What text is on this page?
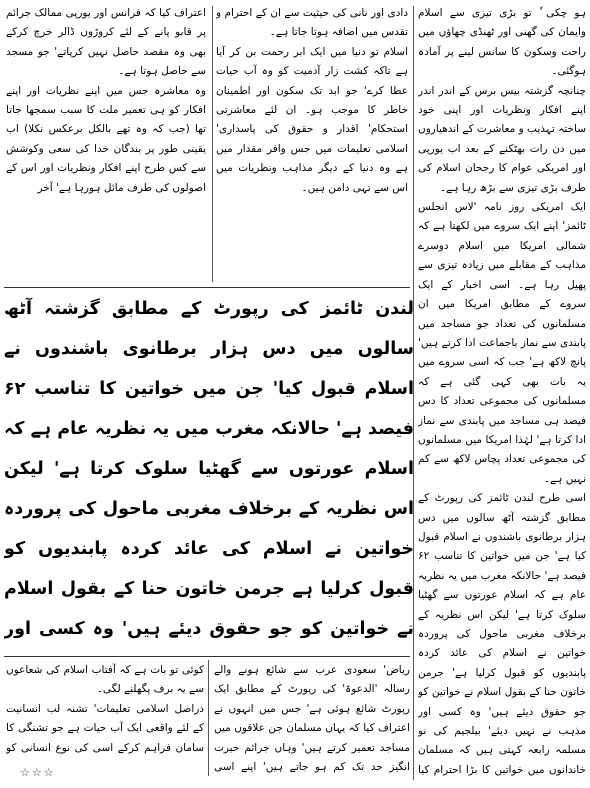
ہو چکی ٗ تو بڑی تیزی سے اسلام وایمان کی گھنی اور ٹھنڈی چھاؤں میں راحت وسکون کا سانس لینے پر آمادہ ہوگئی۔
چنانچہ گزشتہ بیس برس کے اندر اندر اپنے افکار ونظریات اور اپنی خود ساختہ تہذیب و معاشرت کے اندھیاروں میں دن رات بھٹکنے کے بعد اب یورپی اور امریکی عوام کا رجحان اسلام کی طرف بڑی تیزی سے بڑھ رہا ہے۔
ایک امریکی روز نامہ 'لاس انجلس ٹائمز' اپنے ایک سروے میں لکھتا ہے کہ شمالی امریکا میں اسلام دوسرے مذاہب کے مقابلے میں زیادہ تیزی سے پھیل رہا ہے۔ اسی اخبار کے ایک سروے کے مطابق امریکا میں ان مسلمانوں کی تعداد جو مساجد میں پابندی سے نماز باجماعت ادا کرتے ہیں' پانچ لاکھ ہے' جب کہ اسی سروے میں یہ بات بھی کہی گئی ہے کہ مسلمانوں کی مجموعی تعداد کا دس فیصد ہی مساجد میں پابندی سے نماز ادا کرتا ہے' لہٰذا امریکا میں مسلمانوں کی مجموعی تعداد پچاس لاکھ سے کم نہیں ہے۔
اسی طرح لندن ٹائمز کی رپورٹ کے مطابق گزشتہ آٹھ سالوں میں دس ہزار برطانوی باشندوں نے اسلام قبول کیا ہے' جن میں خواتین کا تناسب ۶۲ فیصد ہے' حالانکہ مغرب میں یہ نظریہ عام ہے کہ اسلام عورتوں سے گھٹیا سلوک کرتا ہے' لیکن اس نظریہ کے برخلاف مغربی ماحول کی پروردہ خواتین نے اسلام کی عائد کردہ پابندیوں کو قبول کرلیا ہے' جرمن خاتون حنا کے بقول اسلام نے خواتین کو جو حقوق دیئے ہیں' وہ کسی اور مذہب نے نہیں دیئے' بیلجیم کی نو مسلمہ رابعہ کہتی ہیں کہ مسلمان خاندانوں میں خواتین کا بڑا احترام کیا
دادی اور نانی کی حیثیت سے ان کے احترام و تقدس میں اضافہ ہوتا جاتا ہے۔
اسلام تو دنیا میں ایک ابر رحمت بن کر آیا ہے تاکہ کشت زار آدمیت کو وہ آب حیات عطا کرے' جو ابد تک سکون اور اطمینان خاطر کا موجب ہو۔ ان لئے معاشرتی استحکام' اقدار و حقوق کی پاسداری' اسلامی تعلیمات میں جس وافر مقدار میں ہے وہ دنیا کے دیگر مذاہب ونظریات میں اس سے تہی دامن ہیں۔
اعتراف کیا کہ فرانس اور یورپی ممالک جرائم پر قابو پانے کے لئے کروڑوں ڈالر خرچ کرکے بھی وہ مقصد حاصل نہیں کرپاتے' جو مسجد سے حاصل ہوتا ہے۔
وہ معاشرہ جس میں اپنے نظریات اور اپنے افکار کو ہی تعمیر ملت کا سبب سمجھا جاتا تھا (جب کہ وہ تھے بالکل برعکس نکلا) اب یقینی طور پر بندگان خدا کی سعی وکوشش سے کس طرح اپنے افکار ونظریات اور اس کے اصولوں کی طرف مائل ہورہا ہے' آخر
لندن ٹائمز کی رپورٹ کے مطابق گزشتہ آٹھ سالوں میں دس ہزار برطانوی باشندوں نے اسلام قبول کیا' جن میں خواتین کا تناسب ۶۲ فیصد ہے' حالانکہ مغرب میں یہ نظریہ عام ہے کہ اسلام عورتوں سے گھٹیا سلوک کرتا ہے' لیکن اس نظریہ کے برخلاف مغربی ماحول کی پروردہ خواتین نے اسلام کی عائد کردہ پابندیوں کو قبول کرلیا ہے جرمن خاتون حنا کے بقول اسلام نے خواتین کو جو حقوق دیئے ہیں' وہ کسی اور
ریاض' سعودی عرب سے شائع ہونے والے رسالہ 'الدعوۃ' کی رپورٹ کے مطابق ایک رپورٹ شائع ہوئی ہے' جس میں انہوں نے اعتراف کیا کہ یہاں مسلمان جن علاقوں میں مساجد تعمیر کرتے ہیں' وہاں جرائم حیرت انگیز حد تک کم ہو جاتے ہیں' اپنے اسی
کوئی تو بات ہے کہ آفتاب اسلام کی شعاعوں سے یہ برف پگھلنے لگی۔
دراصل اسلامی تعلیمات' تشنہ لب انسانیت کے لئے واقعی ایک آب حیات ہے جو تشنگی کا سامان فراہم کرکے اسی کی نوع انسانی کو
☆☆☆
